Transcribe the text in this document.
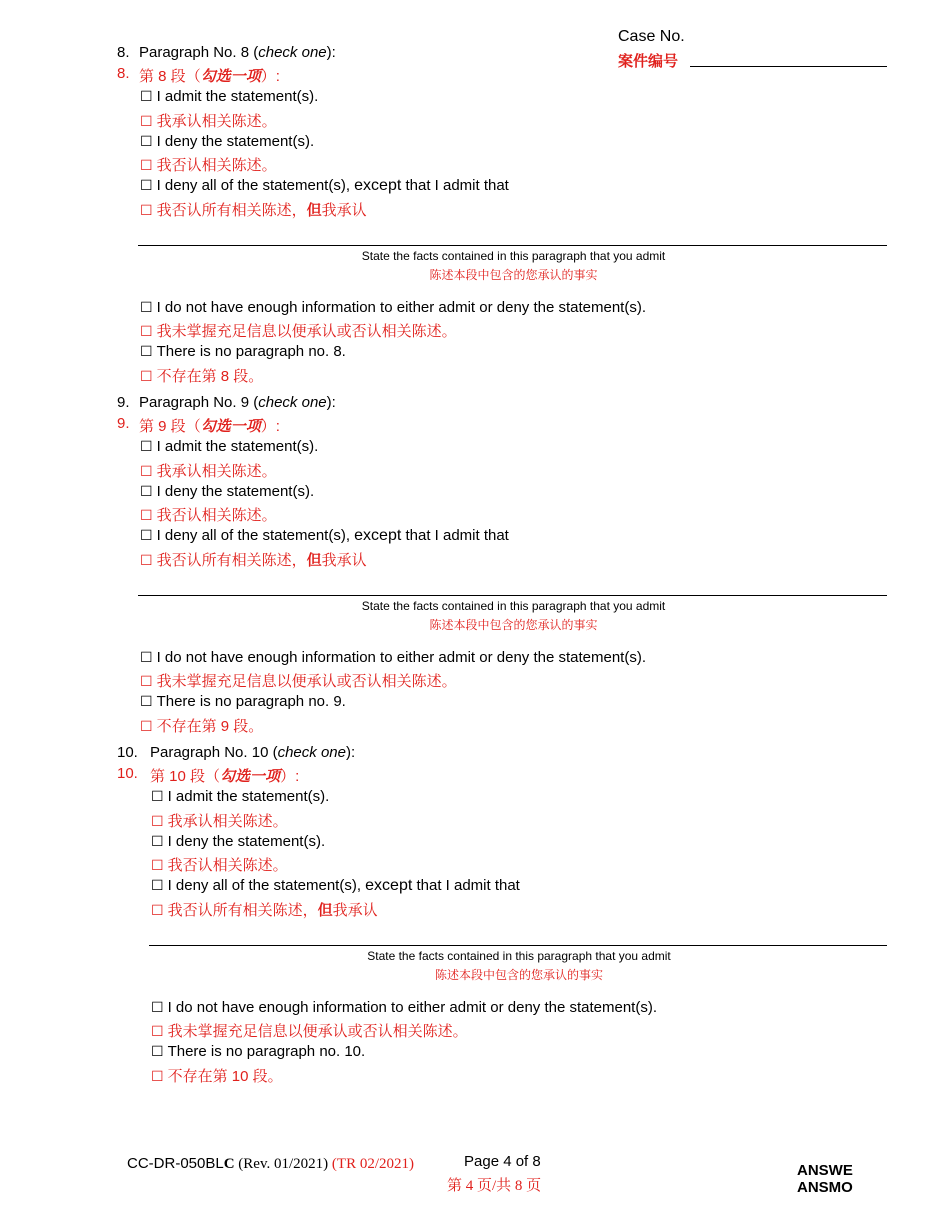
Case No.
案件编号
8. Paragraph No. 8 (check one):
8. 第 8 段（勾选一项）:
☐ I admit the statement(s).
☐ 我承认相关陈述。
☐ I deny the statement(s).
☐ 我否认相关陈述。
☐ I deny all of the statement(s), except that I admit that
☐ 我否认所有相关陈述，但我承认
State the facts contained in this paragraph that you admit
陈述本段中包含的您承认的事实
☐ I do not have enough information to either admit or deny the statement(s).
☐ 我未掌握充足信息以便承认或否认相关陈述。
☐ There is no paragraph no. 8.
☐ 不存在第 8 段。
9. Paragraph No. 9 (check one):
9. 第 9 段（勾选一项）:
☐ I admit the statement(s).
☐ 我承认相关陈述。
☐ I deny the statement(s).
☐ 我否认相关陈述。
☐ I deny all of the statement(s), except that I admit that
☐ 我否认所有相关陈述，但我承认
State the facts contained in this paragraph that you admit
陈述本段中包含的您承认的事实
☐ I do not have enough information to either admit or deny the statement(s).
☐ 我未掌握充足信息以便承认或否认相关陈述。
☐ There is no paragraph no. 9.
☐ 不存在第 9 段。
10. Paragraph No. 10 (check one):
10. 第 10 段（勾选一项）:
☐ I admit the statement(s).
☐ 我承认相关陈述。
☐ I deny the statement(s).
☐ 我否认相关陈述。
☐ I deny all of the statement(s), except that I admit that
☐ 我否认所有相关陈述，但我承认
State the facts contained in this paragraph that you admit
陈述本段中包含的您承认的事实
☐ I do not have enough information to either admit or deny the statement(s).
☐ 我未掌握充足信息以便承认或否认相关陈述。
☐ There is no paragraph no. 10.
☐ 不存在第 10 段。
CC-DR-050BLC (Rev. 01/2021) (TR 02/2021)	Page 4 of 8
第 4 页/共 8 页
ANSWE
ANSMO
